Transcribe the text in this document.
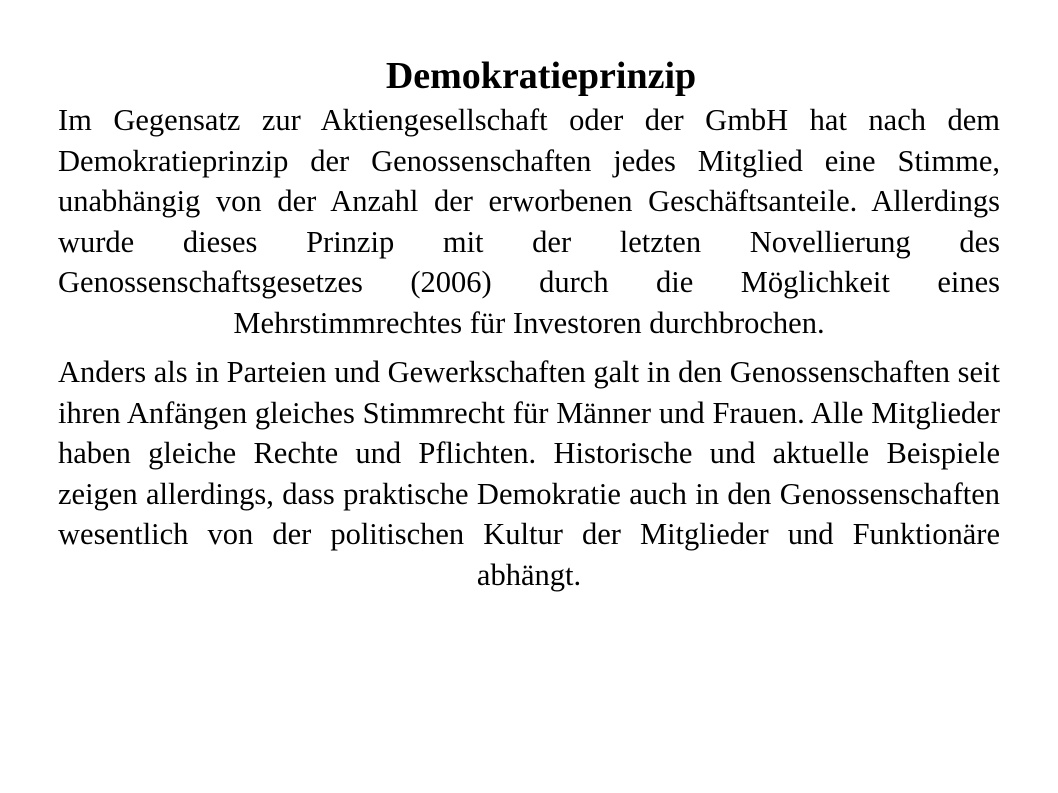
Demokratieprinzip

Im Gegensatz zur Aktiengesellschaft oder der GmbH hat nach dem Demokratieprinzip der Genossenschaften jedes Mitglied eine Stimme, unabhängig von der Anzahl der erworbenen Geschäftsanteile. Allerdings wurde dieses Prinzip mit der letzten Novellierung des Genossenschaftsgesetzes (2006) durch die Möglichkeit eines Mehrstimmrechtes für Investoren durchbrochen.

Anders als in Parteien und Gewerkschaften galt in den Genossenschaften seit ihren Anfängen gleiches Stimmrecht für Männer und Frauen. Alle Mitglieder haben gleiche Rechte und Pflichten. Historische und aktuelle Beispiele zeigen allerdings, dass praktische Demokratie auch in den Genossenschaften wesentlich von der politischen Kultur der Mitglieder und Funktionäre abhängt.
